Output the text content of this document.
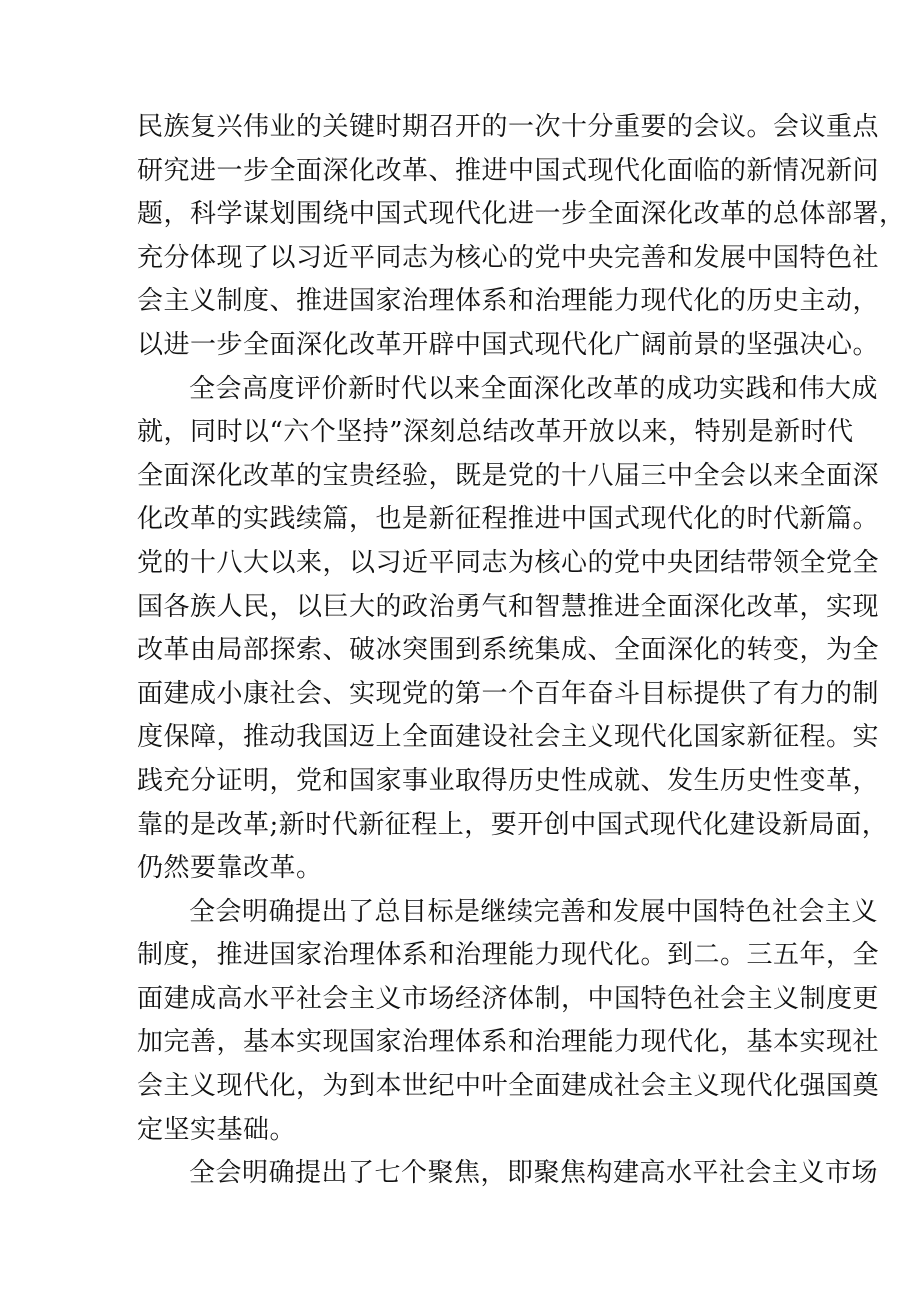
民族复兴伟业的关键时期召开的一次十分重要的会议。会议重点
研究进一步全面深化改革、推进中国式现代化面临的新情况新问
题，科学谋划围绕中国式现代化进一步全面深化改革的总体部署，
充分体现了以习近平同志为核心的党中央完善和发展中国特色社
会主义制度、推进国家治理体系和治理能力现代化的历史主动，
以进一步全面深化改革开辟中国式现代化广阔前景的坚强决心。
全会高度评价新时代以来全面深化改革的成功实践和伟大成
就，同时以“六个坚持”深刻总结改革开放以来，特别是新时代
全面深化改革的宝贵经验，既是党的十八届三中全会以来全面深
化改革的实践续篇，也是新征程推进中国式现代化的时代新篇。
党的十八大以来，以习近平同志为核心的党中央团结带领全党全
国各族人民，以巨大的政治勇气和智慧推进全面深化改革，实现
改革由局部探索、破冰突围到系统集成、全面深化的转变，为全
面建成小康社会、实现党的第一个百年奋斗目标提供了有力的制
度保障，推动我国迈上全面建设社会主义现代化国家新征程。实
践充分证明，党和国家事业取得历史性成就、发生历史性变革，
靠的是改革;新时代新征程上，要开创中国式现代化建设新局面，
仍然要靠改革。
全会明确提出了总目标是继续完善和发展中国特色社会主义
制度，推进国家治理体系和治理能力现代化。到二。三五年，全
面建成高水平社会主义市场经济体制，中国特色社会主义制度更
加完善，基本实现国家治理体系和治理能力现代化，基本实现社
会主义现代化，为到本世纪中叶全面建成社会主义现代化强国奠
定坚实基础。
全会明确提出了七个聚焦，即聚焦构建高水平社会主义市场
